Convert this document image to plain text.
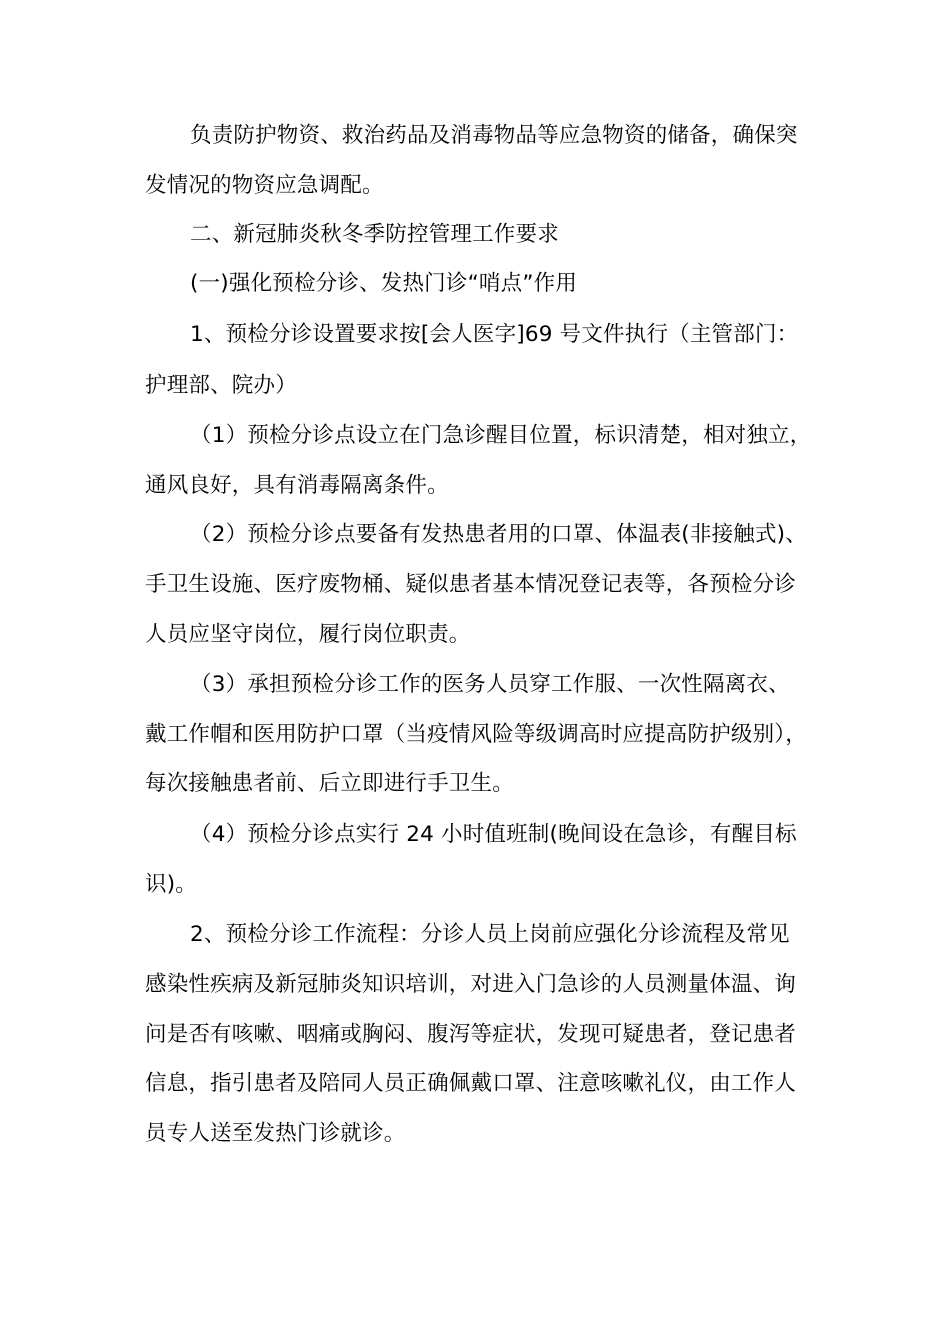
负责防护物资、救治药品及消毒物品等应急物资的储备，确保突
发情况的物资应急调配。
二、新冠肺炎秋冬季防控管理工作要求
(一)强化预检分诊、发热门诊“哨点”作用
1、预检分诊设置要求按[会人医字]69 号文件执行（主管部门：
护理部、院办）
（1）预检分诊点设立在门急诊醒目位置，标识清楚，相对独立，
通风良好，具有消毒隔离条件。
（2）预检分诊点要备有发热患者用的口罩、体温表(非接触式)、
手卫生设施、医疗废物桶、疑似患者基本情况登记表等，各预检分诊
人员应坚守岗位，履行岗位职责。
（3）承担预检分诊工作的医务人员穿工作服、一次性隔离衣、
戴工作帽和医用防护口罩（当疫情风险等级调高时应提高防护级别），
每次接触患者前、后立即进行手卫生。
（4）预检分诊点实行 24 小时值班制(晚间设在急诊，有醒目标
识)。
2、预检分诊工作流程：分诊人员上岗前应强化分诊流程及常见
感染性疾病及新冠肺炎知识培训，对进入门急诊的人员测量体温、询
问是否有咳嗽、咽痛或胸闷、腹泻等症状，发现可疑患者，登记患者
信息，指引患者及陪同人员正确佩戴口罩、注意咳嗽礼仪，由工作人
员专人送至发热门诊就诊。
